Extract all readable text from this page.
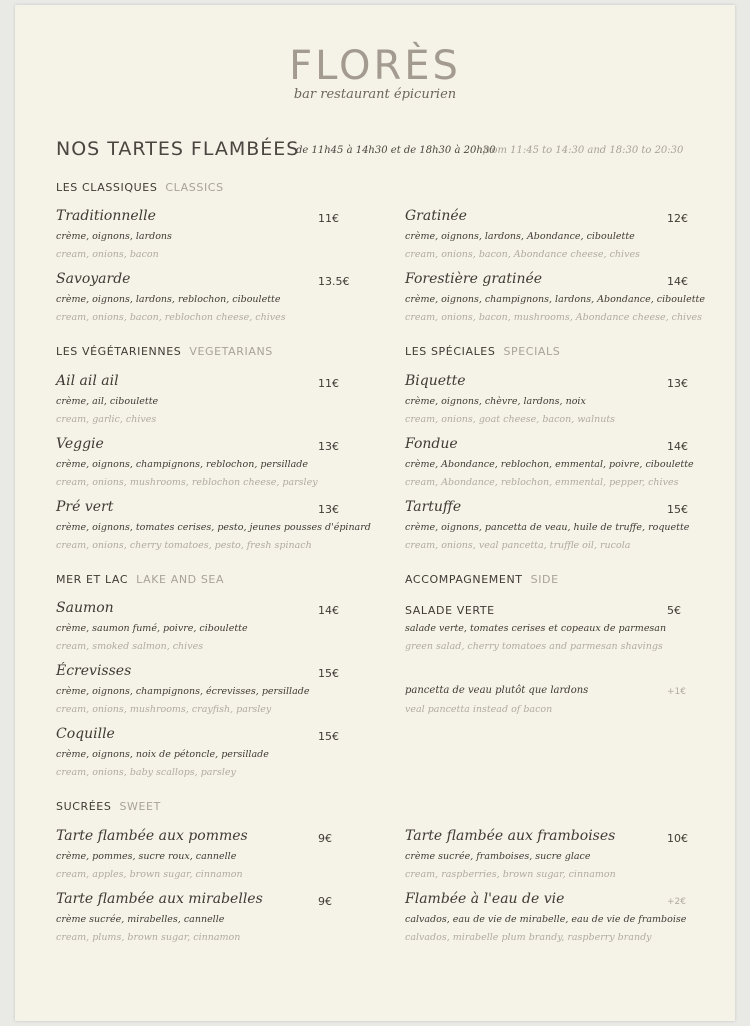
FLORÈS
bar restaurant épicurien
NOS TARTES FLAMBÉES
de 11h45 à 14h30 et de 18h30 à 20h30
from 11:45 to 14:30 and 18:30 to 20:30
LES CLASSIQUES CLASSICS
Traditionnelle	11€
crème, oignons, lardons
cream, onions, bacon
Savoyarde	13.5€
crème, oignons, lardons, reblochon, ciboulette
cream, onions, bacon, reblochon cheese, chives
Gratinée	12€
crème, oignons, lardons, Abondance, ciboulette
cream, onions, bacon, Abondance cheese, chives
Forestière gratinée	14€
crème, oignons, champignons, lardons, Abondance, ciboulette
cream, onions, bacon, mushrooms, Abondance cheese, chives
LES VÉGÉTARIENNES VEGETARIANS
Ail ail ail	11€
crème, ail, ciboulette
cream, garlic, chives
Veggie	13€
crème, oignons, champignons, reblochon, persillade
cream, onions, mushrooms, reblochon cheese, parsley
Pré vert	13€
crème, oignons, tomates cerises, pesto, jeunes pousses d'épinard
cream, onions, cherry tomatoes, pesto, fresh spinach
LES SPÉCIALES SPECIALS
Biquette	13€
crème, oignons, chèvre, lardons, noix
cream, onions, goat cheese, bacon, walnuts
Fondue	14€
crème, Abondance, reblochon, emmental, poivre, ciboulette
cream, Abondance, reblochon, emmental, pepper, chives
Tartuffe	15€
crème, oignons, pancetta de veau, huile de truffe, roquette
cream, onions, veal pancetta, truffle oil, rucola
MER ET LAC LAKE AND SEA
Saumon	14€
crème, saumon fumé, poivre, ciboulette
cream, smoked salmon, chives
Écrevisses	15€
crème, oignons, champignons, écrevisses, persillade
cream, onions, mushrooms, crayfish, parsley
Coquille	15€
crème, oignons, noix de pétoncle, persillade
cream, onions, baby scallops, parsley
ACCOMPAGNEMENT SIDE
SALADE VERTE	5€
salade verte, tomates cerises et copeaux de parmesan
green salad, cherry tomatoes and parmesan shavings
pancetta de veau plutôt que lardons	+1€
veal pancetta instead of bacon
SUCRÉES SWEET
Tarte flambée aux pommes	9€
crème, pommes, sucre roux, cannelle
cream, apples, brown sugar, cinnamon
Tarte flambée aux mirabelles	9€
crème sucrée, mirabelles, cannelle
cream, plums, brown sugar, cinnamon
Tarte flambée aux framboises	10€
crème sucrée, framboises, sucre glace
cream, raspberries, brown sugar, cinnamon
Flambée à l'eau de vie	+2€
calvados, eau de vie de mirabelle, eau de vie de framboise
calvados, mirabelle plum brandy, raspberry brandy
